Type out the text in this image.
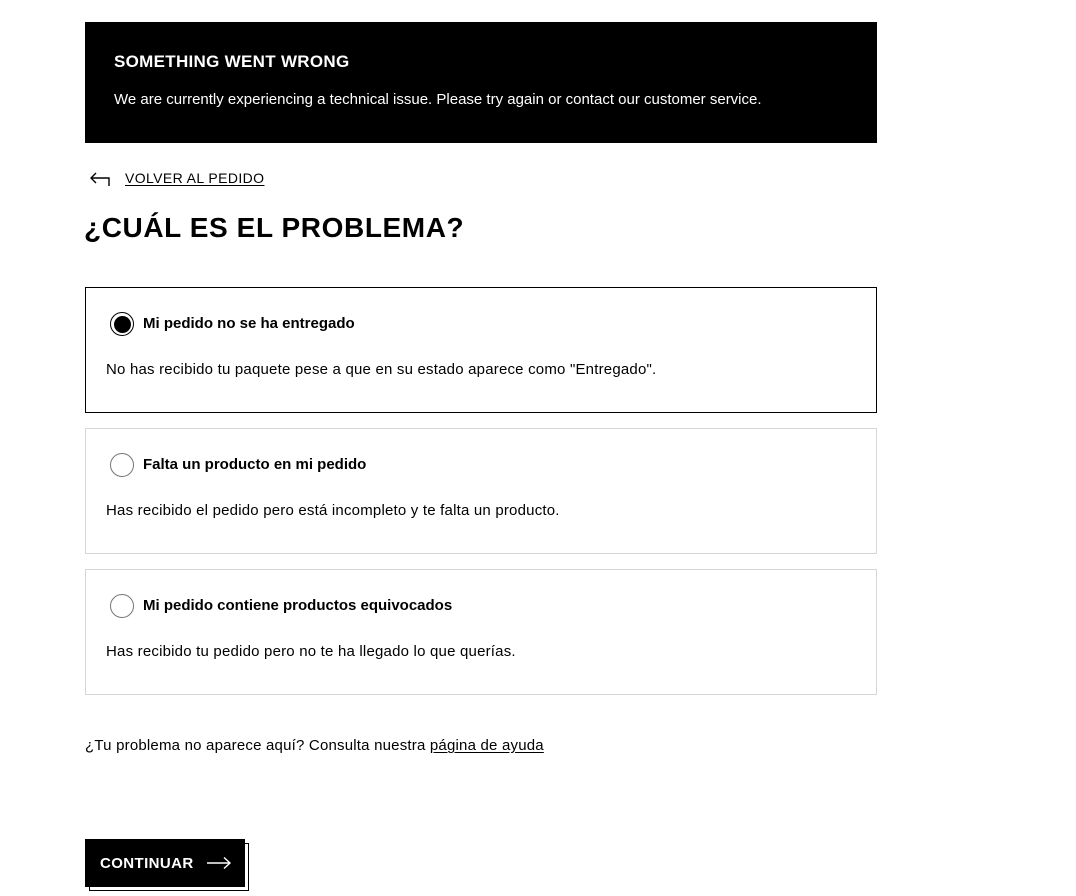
SOMETHING WENT WRONG
We are currently experiencing a technical issue. Please try again or contact our customer service.
VOLVER AL PEDIDO
¿CUÁL ES EL PROBLEMA?
Mi pedido no se ha entregado
No has recibido tu paquete pese a que en su estado aparece como "Entregado".
Falta un producto en mi pedido
Has recibido el pedido pero está incompleto y te falta un producto.
Mi pedido contiene productos equivocados
Has recibido tu pedido pero no te ha llegado lo que querías.

¿Tu problema no aparece aquí? Consulta nuestra página de ayuda

CONTINUAR
